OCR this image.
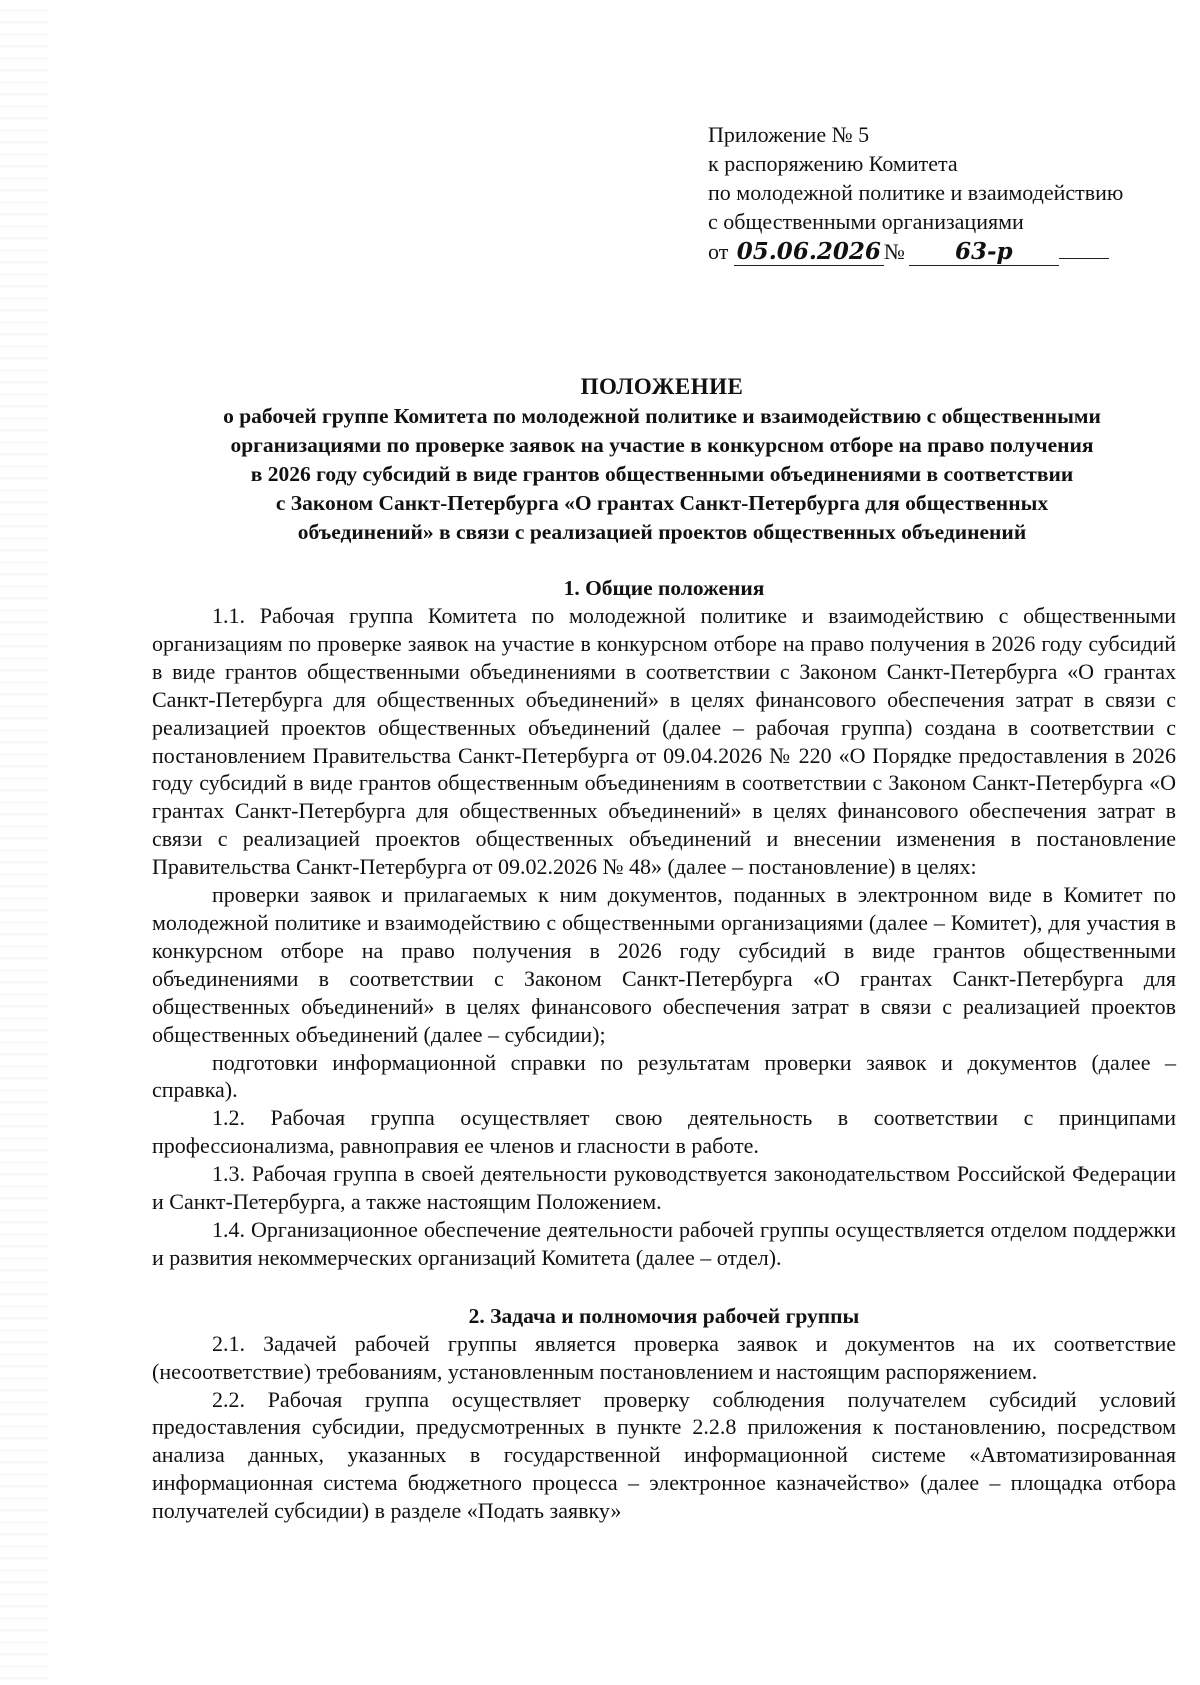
Приложение № 5
к распоряжению Комитета
по молодежной политике и взаимодействию
с общественными организациями
от
05.06.2026 №	63-р
ПОЛОЖЕНИЕ
о рабочей группе Комитета по молодежной политике и взаимодействию с общественными
организациями по проверке заявок на участие в конкурсном отборе на право получения
в 2026 году субсидий в виде грантов общественными объединениями в соответствии
с Законом Санкт-Петербурга «О грантах Санкт-Петербурга для общественных
объединений» в связи с реализацией проектов общественных объединений
1. Общие положения

1.1. Рабочая группа Комитета по молодежной политике и взаимодействию с общественными организациям по проверке заявок на участие в конкурсном отборе на право получения в 2026 году субсидий в виде грантов общественными объединениями в соответствии с Законом Санкт-Петербурга «О грантах Санкт-Петербурга для общественных объединений» в целях финансового обеспечения затрат в связи с реализацией проектов общественных объединений (далее – рабочая группа) создана в соответствии с постановлением Правительства Санкт-Петербурга от 09.04.2026 № 220 «О Порядке предоставления в 2026 году субсидий в виде грантов общественным объединениям в соответствии с Законом Санкт-Петербурга «О грантах Санкт-Петербурга для общественных объединений» в целях финансового обеспечения затрат в связи с реализацией проектов общественных объединений и внесении изменения в постановление Правительства Санкт-Петербурга от 09.02.2026 № 48» (далее – постановление) в целях:

проверки заявок и прилагаемых к ним документов, поданных в электронном виде в Комитет по молодежной политике и взаимодействию с общественными организациями (далее – Комитет), для участия в конкурсном отборе на право получения в 2026 году субсидий в виде грантов общественными объединениями в соответствии с Законом Санкт-Петербурга «О грантах Санкт-Петербурга для общественных объединений» в целях финансового обеспечения затрат в связи с реализацией проектов общественных объединений (далее – субсидии);

подготовки информационной справки по результатам проверки заявок и документов (далее – справка).

1.2. Рабочая группа осуществляет свою деятельность в соответствии с принципами профессионализма, равноправия ее членов и гласности в работе.

1.3. Рабочая группа в своей деятельности руководствуется законодательством Российской Федерации и Санкт-Петербурга, а также настоящим Положением.

1.4. Организационное обеспечение деятельности рабочей группы осуществляется отделом поддержки и развития некоммерческих организаций Комитета (далее – отдел).

2. Задача и полномочия рабочей группы

2.1. Задачей рабочей группы является проверка заявок и документов на их соответствие (несоответствие) требованиям, установленным постановлением и настоящим распоряжением.

2.2. Рабочая группа осуществляет проверку соблюдения получателем субсидий условий предоставления субсидии, предусмотренных в пункте 2.2.8 приложения к постановлению, посредством анализа данных, указанных в государственной информационной системе «Автоматизированная информационная система бюджетного процесса – электронное казначейство» (далее – площадка отбора получателей субсидии) в разделе «Подать заявку»
